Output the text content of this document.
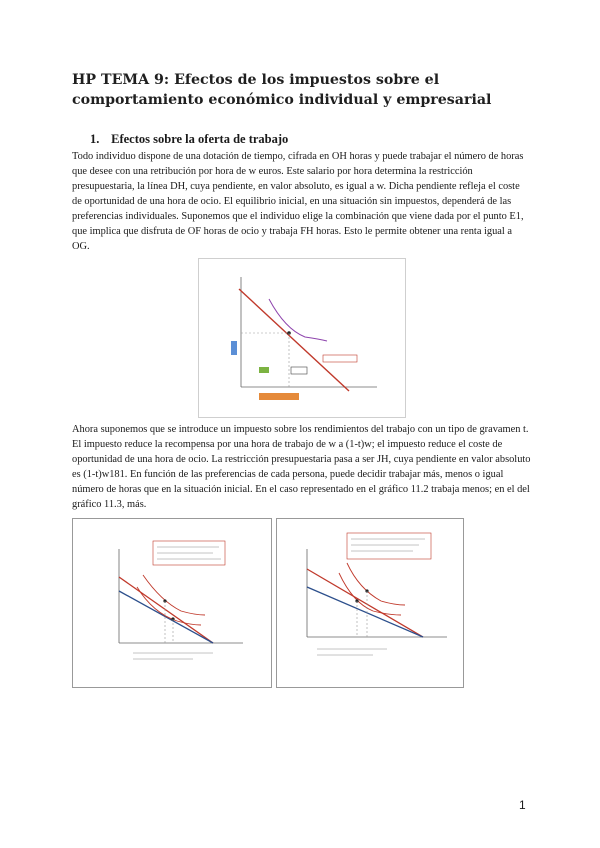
HP TEMA 9: Efectos de los impuestos sobre el comportamiento económico individual y empresarial
1. Efectos sobre la oferta de trabajo
Todo individuo dispone de una dotación de tiempo, cifrada en OH horas y puede trabajar el número de horas que desee con una retribución por hora de w euros. Este salario por hora determina la restricción presupuestaria, la línea DH, cuya pendiente, en valor absoluto, es igual a w. Dicha pendiente refleja el coste de oportunidad de una hora de ocio. El equilibrio inicial, en una situación sin impuestos, dependerá de las preferencias individuales. Suponemos que el individuo elige la combinación que viene dada por el punto E1, que implica que disfruta de OF horas de ocio y trabaja FH horas. Esto le permite obtener una renta igual a OG.
Ahora suponemos que se introduce un impuesto sobre los rendimientos del trabajo con un tipo de gravamen t. El impuesto reduce la recompensa por una hora de trabajo de w a (1-t)w; el impuesto reduce el coste de oportunidad de una hora de ocio. La restricción presupuestaria pasa a ser JH, cuya pendiente en valor absoluto es (1-t)w181. En función de las preferencias de cada persona, puede decidir trabajar más, menos o igual número de horas que en la situación inicial. En el caso representado en el gráfico 11.2 trabaja menos; en el del gráfico 11.3, más.
1
